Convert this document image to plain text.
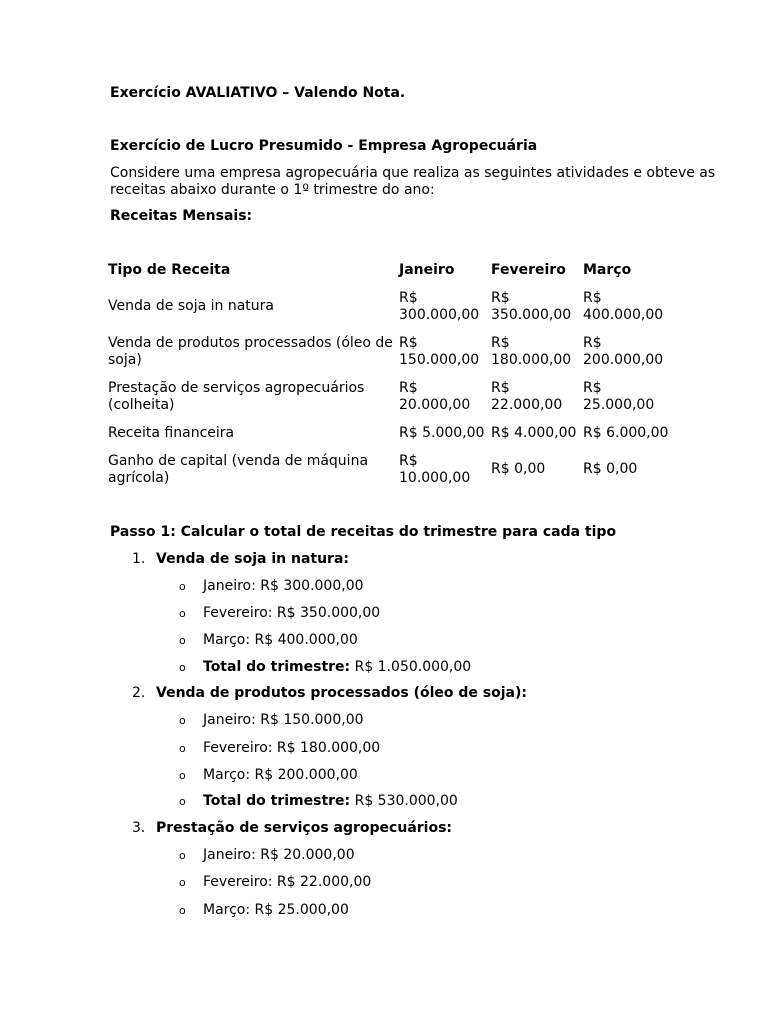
Exercício AVALIATIVO – Valendo Nota.
Exercício de Lucro Presumido - Empresa Agropecuária
Considere uma empresa agropecuária que realiza as seguintes atividades e obteve as receitas abaixo durante o 1º trimestre do ano:
Receitas Mensais:
Tipo de Receita	Janeiro	Fevereiro	Março
Venda de soja in natura	R$ 300.000,00	R$ 350.000,00	R$ 400.000,00
Venda de produtos processados (óleo de soja)	R$ 150.000,00	R$ 180.000,00	R$ 200.000,00
Prestação de serviços agropecuários (colheita)	R$ 20.000,00	R$ 22.000,00	R$ 25.000,00
Receita financeira	R$ 5.000,00	R$ 4.000,00	R$ 6.000,00
Ganho de capital (venda de máquina agrícola)	R$ 10.000,00	R$ 0,00	R$ 0,00
Passo 1: Calcular o total de receitas do trimestre para cada tipo
1. Venda de soja in natura:
o Janeiro: R$ 300.000,00
o Fevereiro: R$ 350.000,00
o Março: R$ 400.000,00
o Total do trimestre: R$ 1.050.000,00
2. Venda de produtos processados (óleo de soja):
o Janeiro: R$ 150.000,00
o Fevereiro: R$ 180.000,00
o Março: R$ 200.000,00
o Total do trimestre: R$ 530.000,00
3. Prestação de serviços agropecuários:
o Janeiro: R$ 20.000,00
o Fevereiro: R$ 22.000,00
o Março: R$ 25.000,00
